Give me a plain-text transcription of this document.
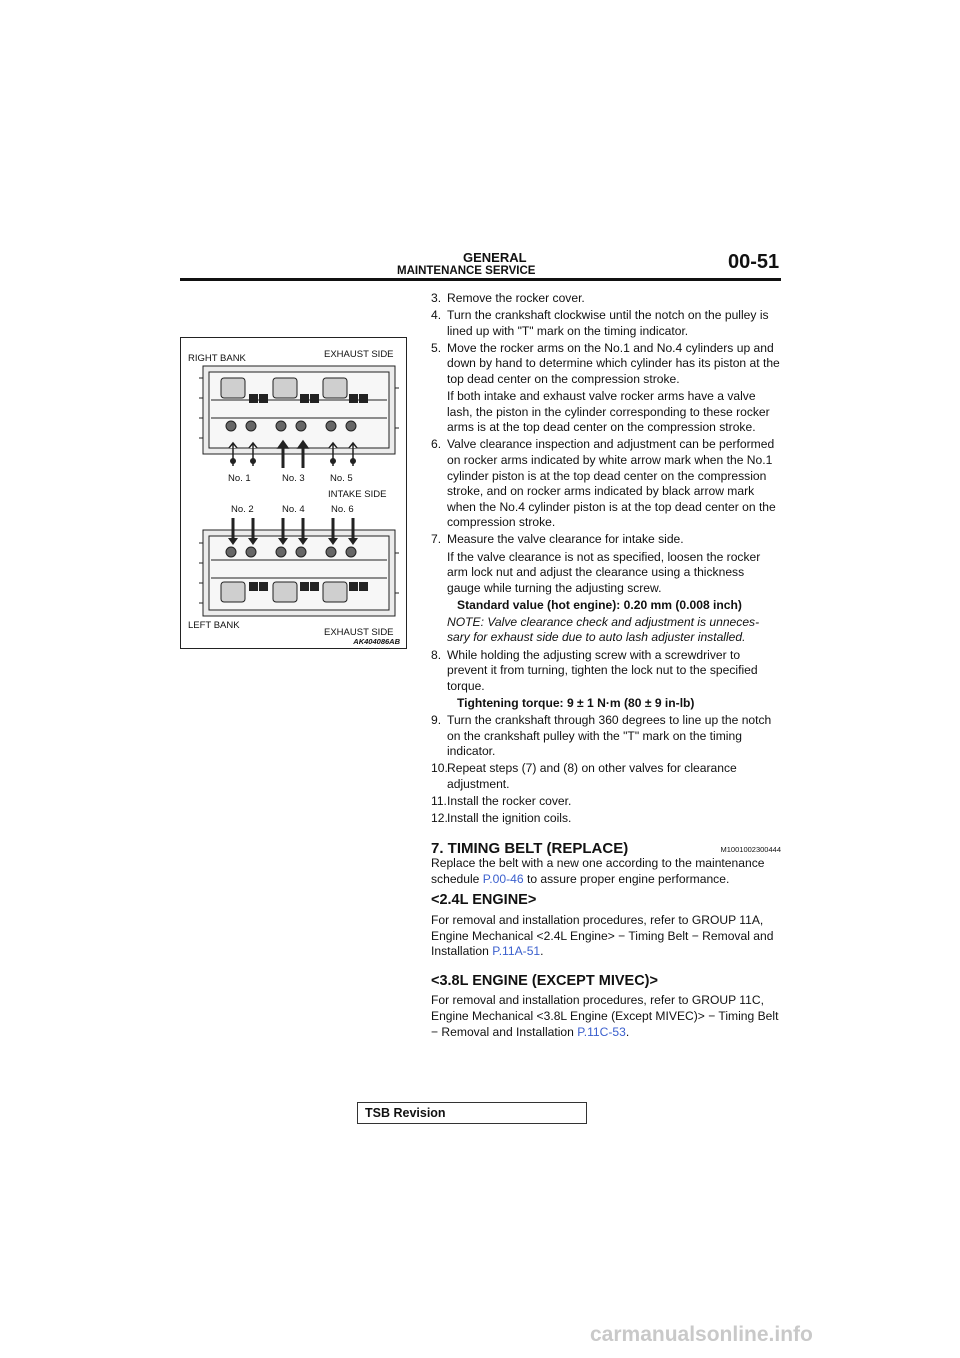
GENERAL
MAINTENANCE SERVICE	00-51
RIGHT BANK	EXHAUST SIDE
No. 1	No. 3	No. 5
INTAKE SIDE
No. 2	No. 4	No. 6
LEFT BANK
EXHAUST SIDE
AK404086AB
3. Remove the rocker cover.
4. Turn the crankshaft clockwise until the notch on the pulley is lined up with "T" mark on the timing indicator.
5. Move the rocker arms on the No.1 and No.4 cylinders up and down by hand to determine which cylinder has its piston at the top dead center on the compression stroke.
If both intake and exhaust valve rocker arms have a valve lash, the piston in the cylinder corresponding to these rocker arms is at the top dead center on the compression stroke.
6. Valve clearance inspection and adjustment can be performed on rocker arms indicated by white arrow mark when the No.1 cylinder piston is at the top dead center on the compression stroke, and on rocker arms indicated by black arrow mark when the No.4 cylinder piston is at the top dead center on the compression stroke.
7. Measure the valve clearance for intake side.
If the valve clearance is not as specified, loosen the rocker arm lock nut and adjust the clearance using a thickness gauge while turning the adjusting screw.
Standard value (hot engine): 0.20 mm (0.008 inch)
NOTE: Valve clearance check and adjustment is unneces-sary for exhaust side due to auto lash adjuster installed.
8. While holding the adjusting screw with a screwdriver to prevent it from turning, tighten the lock nut to the specified torque.
Tightening torque: 9 ± 1 N·m (80 ± 9 in-lb)
9. Turn the crankshaft through 360 degrees to line up the notch on the crankshaft pulley with the "T" mark on the timing indicator.
10. Repeat steps (7) and (8) on other valves for clearance adjustment.
11. Install the rocker cover.
12. Install the ignition coils.
7. TIMING BELT (REPLACE)	M1001002300444
Replace the belt with a new one according to the maintenance schedule P.00-46 to assure proper engine performance.
<2.4L ENGINE>
For removal and installation procedures, refer to GROUP 11A, Engine Mechanical <2.4L Engine> − Timing Belt − Removal and Installation P.11A-51.
<3.8L ENGINE (EXCEPT MIVEC)>
For removal and installation procedures, refer to GROUP 11C, Engine Mechanical <3.8L Engine (Except MIVEC)> − Timing Belt − Removal and Installation P.11C-53.
TSB Revision
carmanualsonline.info
